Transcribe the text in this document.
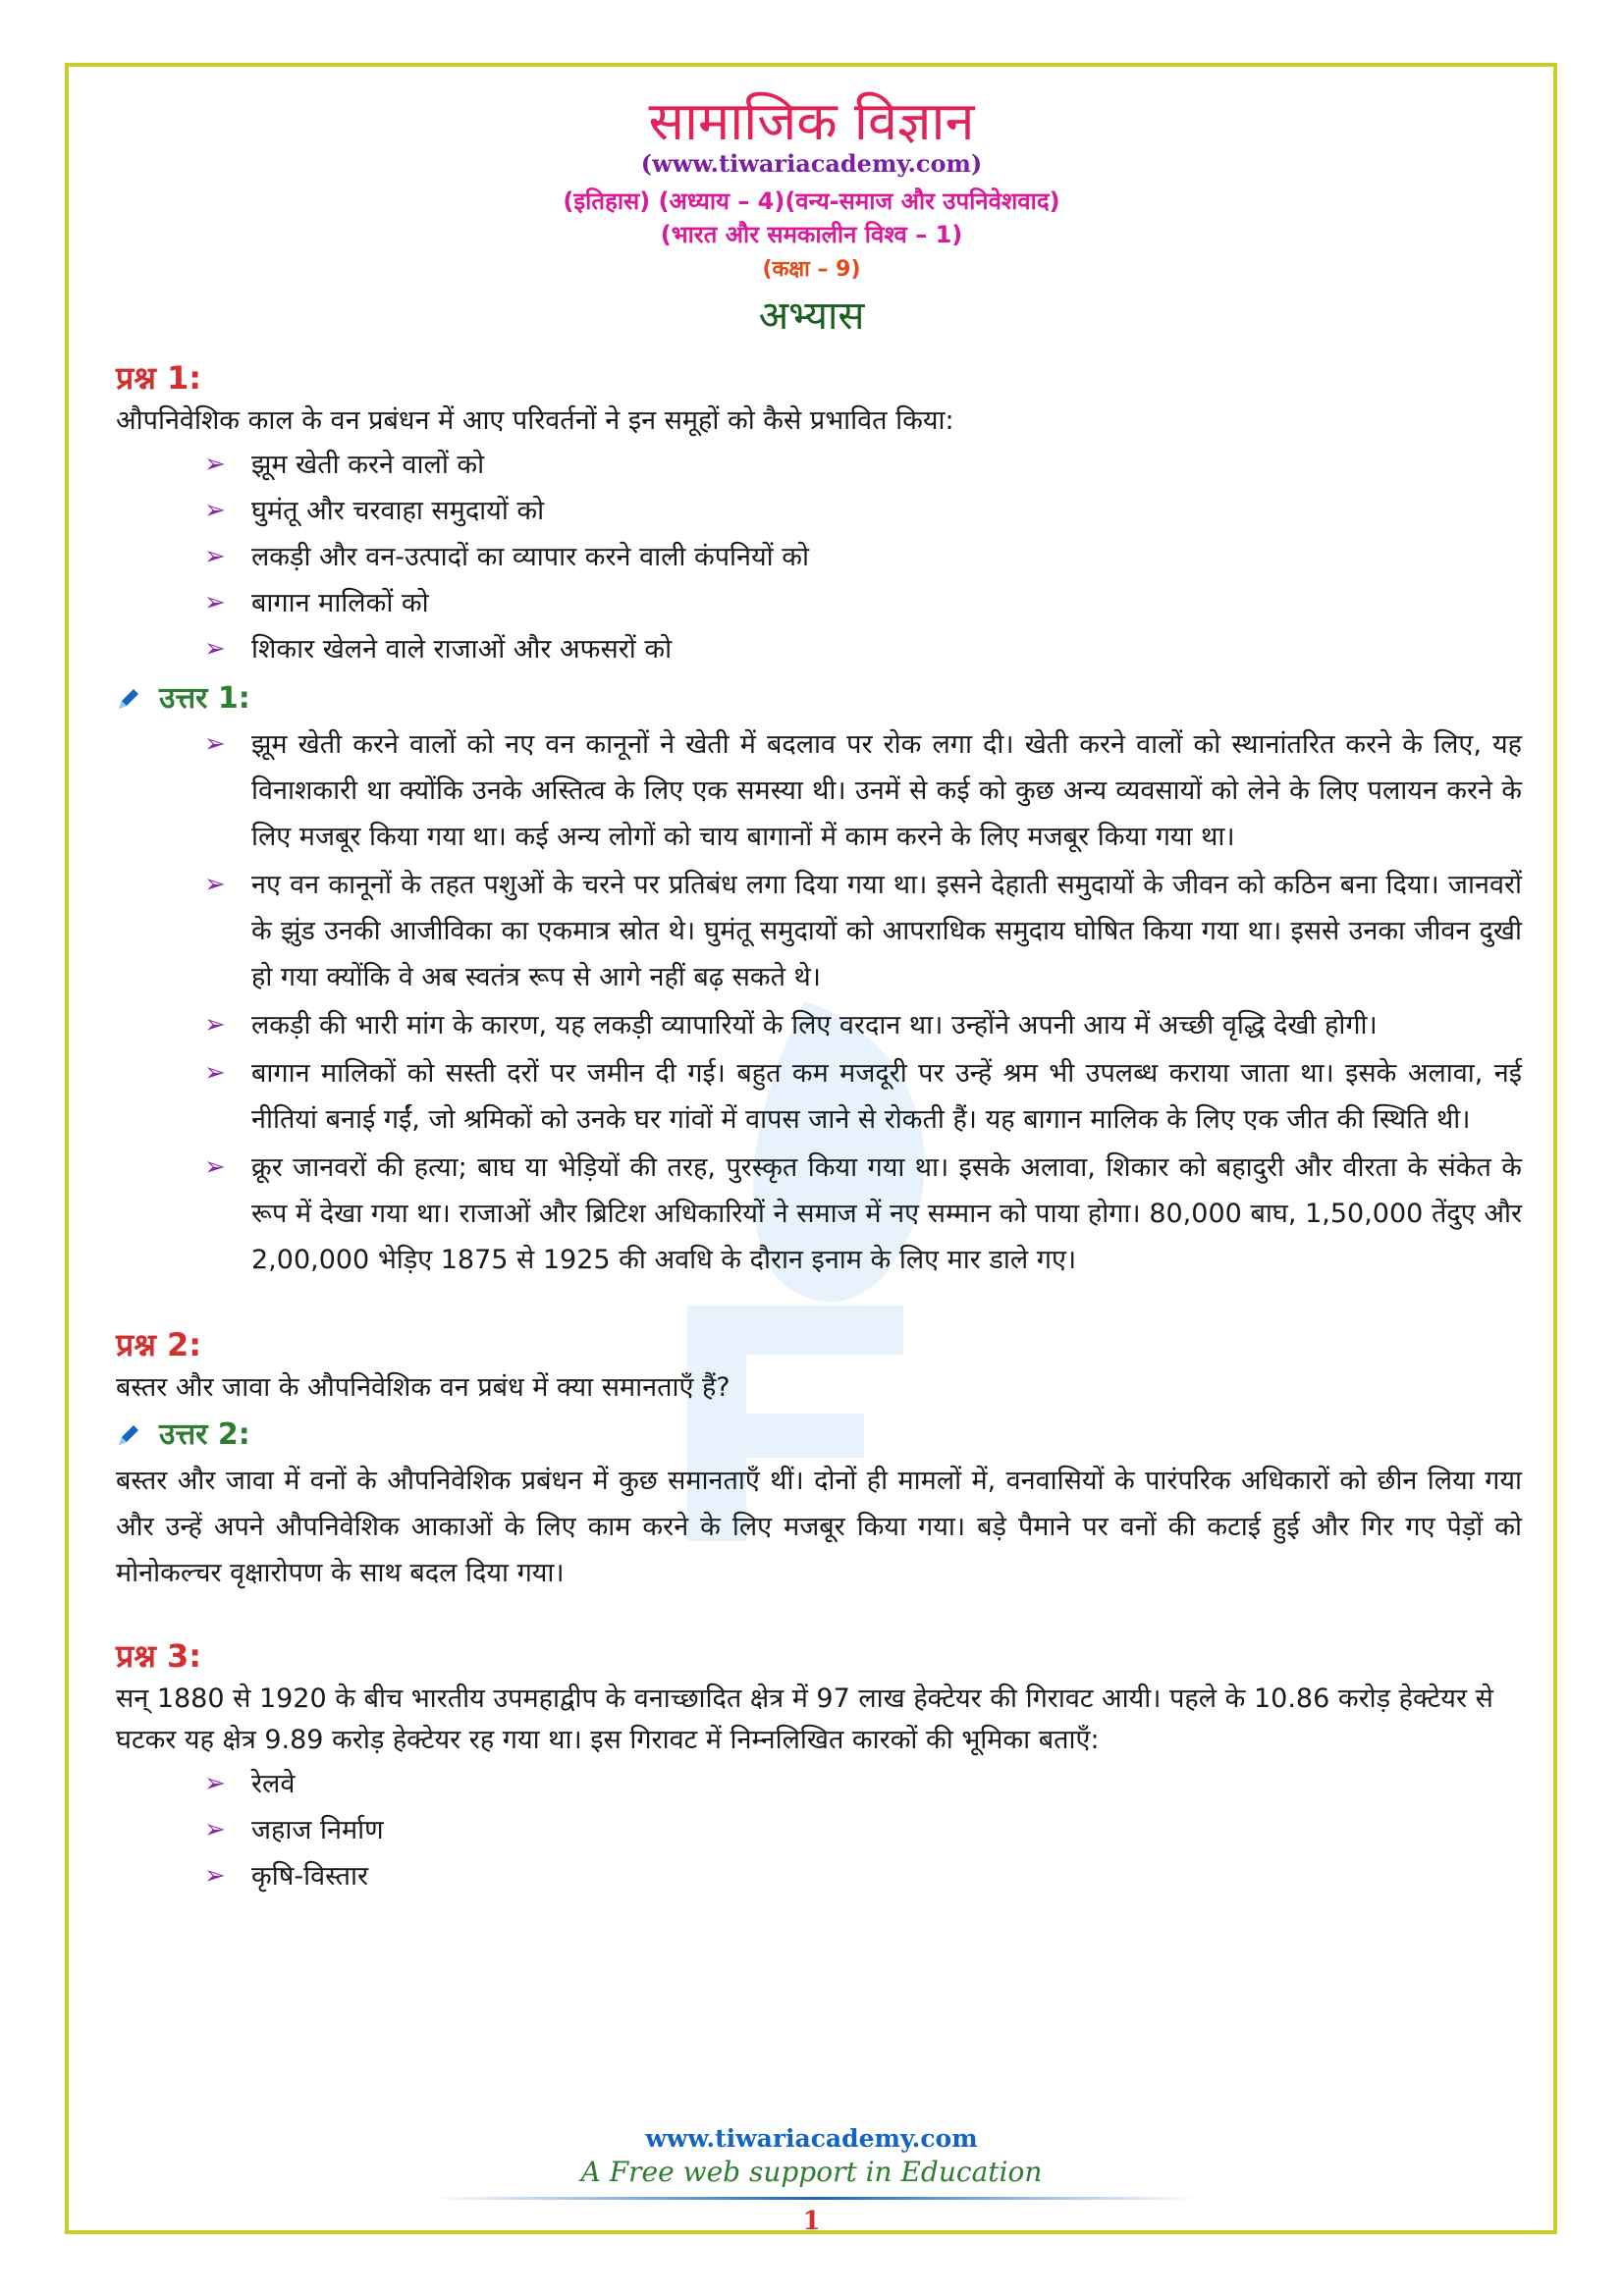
सामाजिक विज्ञान
(www.tiwariacademy.com)
(इतिहास) (अध्याय – 4)(वन्य-समाज और उपनिवेशवाद)
(भारत और समकालीन विश्व – 1)
(कक्षा – 9)
अभ्यास

प्रश्न 1:

औपनिवेशिक काल के वन प्रबंधन में आए परिवर्तनों ने इन समूहों को कैसे प्रभावित किया:

➢ झूम खेती करने वालों को
➢ घुमंतू और चरवाहा समुदायों को
➢ लकड़ी और वन-उत्पादों का व्यापार करने वाली कंपनियों को
➢ बागान मालिकों को
➢ शिकार खेलने वाले राजाओं और अफसरों को
उत्तर 1:
➢ झूम खेती करने वालों को नए वन कानूनों ने खेती में बदलाव पर रोक लगा दी। खेती करने वालों को स्थानांतरित करने के लिए, यह विनाशकारी था क्योंकि उनके अस्तित्व के लिए एक समस्या थी। उनमें से कई को कुछ अन्य व्यवसायों को लेने के लिए पलायन करने के लिए मजबूर किया गया था। कई अन्य लोगों को चाय बागानों में काम करने के लिए मजबूर किया गया था।
➢ नए वन कानूनों के तहत पशुओं के चरने पर प्रतिबंध लगा दिया गया था। इसने देहाती समुदायों के जीवन को कठिन बना दिया। जानवरों के झुंड उनकी आजीविका का एकमात्र स्रोत थे। घुमंतू समुदायों को आपराधिक समुदाय घोषित किया गया था। इससे उनका जीवन दुखी हो गया क्योंकि वे अब स्वतंत्र रूप से आगे नहीं बढ़ सकते थे।
➢ लकड़ी की भारी मांग के कारण, यह लकड़ी व्यापारियों के लिए वरदान था। उन्होंने अपनी आय में अच्छी वृद्धि देखी होगी।
➢ बागान मालिकों को सस्ती दरों पर जमीन दी गई। बहुत कम मजदूरी पर उन्हें श्रम भी उपलब्ध कराया जाता था। इसके अलावा, नई नीतियां बनाई गईं, जो श्रमिकों को उनके घर गांवों में वापस जाने से रोकती हैं। यह बागान मालिक के लिए एक जीत की स्थिति थी।
➢ क्रूर जानवरों की हत्या; बाघ या भेड़ियों की तरह, पुरस्कृत किया गया था। इसके अलावा, शिकार को बहादुरी और वीरता के संकेत के रूप में देखा गया था। राजाओं और ब्रिटिश अधिकारियों ने समाज में नए सम्मान को पाया होगा। 80,000 बाघ, 1,50,000 तेंदुए और 2,00,000 भेड़िए 1875 से 1925 की अवधि के दौरान इनाम के लिए मार डाले गए।

प्रश्न 2:

बस्तर और जावा के औपनिवेशिक वन प्रबंध में क्या समानताएँ हैं?

उत्तर 2:

बस्तर और जावा में वनों के औपनिवेशिक प्रबंधन में कुछ समानताएँ थीं। दोनों ही मामलों में, वनवासियों के पारंपरिक अधिकारों को छीन लिया गया और उन्हें अपने औपनिवेशिक आकाओं के लिए काम करने के लिए मजबूर किया गया। बड़े पैमाने पर वनों की कटाई हुई और गिर गए पेड़ों को मोनोकल्चर वृक्षारोपण के साथ बदल दिया गया।

प्रश्न 3:

सन् 1880 से 1920 के बीच भारतीय उपमहाद्वीप के वनाच्छादित क्षेत्र में 97 लाख हेक्टेयर की गिरावट आयी। पहले के 10.86 करोड़ हेक्टेयर से घटकर यह क्षेत्र 9.89 करोड़ हेक्टेयर रह गया था। इस गिरावट में निम्नलिखित कारकों की भूमिका बताएँ:

➢ रेलवे
➢ जहाज निर्माण
➢ कृषि-विस्तार
www.tiwariacademy.com
A Free web support in Education
1
